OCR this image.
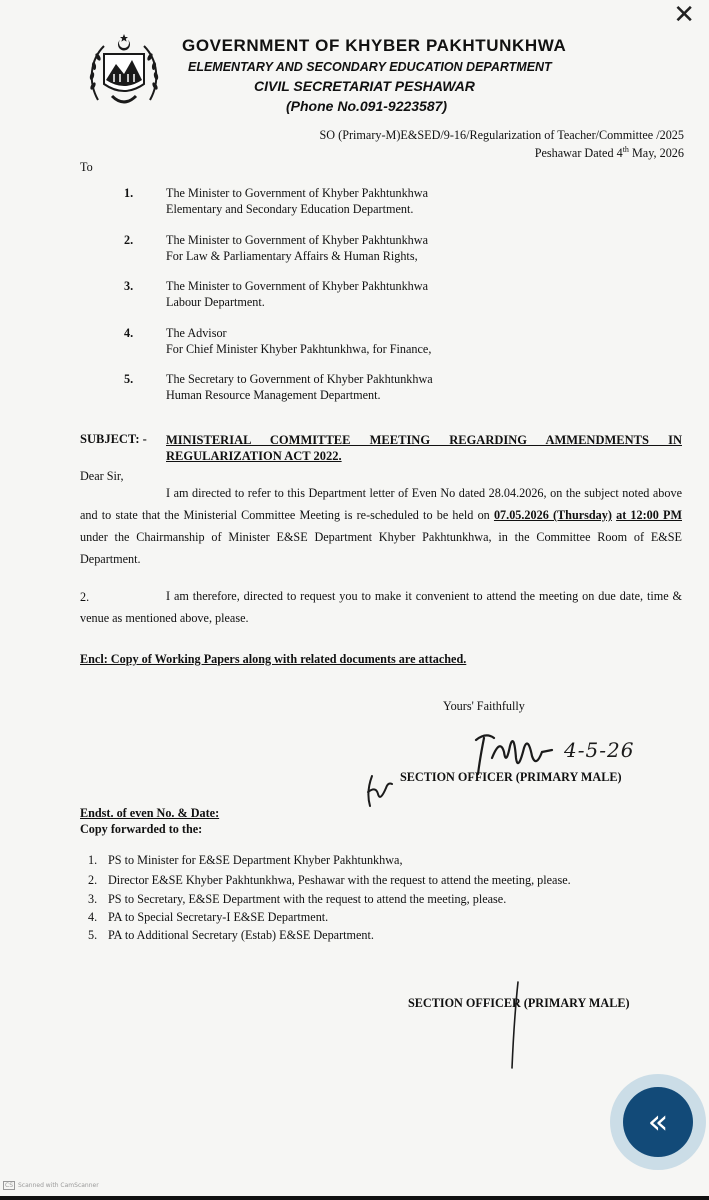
✕
GOVERNMENT OF KHYBER PAKHTUNKHWA
ELEMENTARY AND SECONDARY EDUCATION DEPARTMENT
CIVIL SECRETARIAT PESHAWAR
(Phone No.091-9223587)
SO (Primary-M)E&SED/9-16/Regularization of Teacher/Committee /2025
Peshawar Dated 4th May, 2026
To
1.	The Minister to Government of Khyber Pakhtunkhwa
Elementary and Secondary Education Department.
2.	The Minister to Government of Khyber Pakhtunkhwa
For Law & Parliamentary Affairs & Human Rights,
3.	The Minister to Government of Khyber Pakhtunkhwa
Labour Department.
4.	The Advisor
For Chief Minister Khyber Pakhtunkhwa, for Finance,
5.	The Secretary to Government of Khyber Pakhtunkhwa
Human Resource Management Department.
SUBJECT: - MINISTERIAL COMMITTEE MEETING REGARDING AMMENDMENTS IN REGULARIZATION ACT 2022.
Dear Sir,
I am directed to refer to this Department letter of Even No dated 28.04.2026, on the subject noted above and to state that the Ministerial Committee Meeting is re-scheduled to be held on 07.05.2026 (Thursday) at 12:00 PM under the Chairmanship of Minister E&SE Department Khyber Pakhtunkhwa, in the Committee Room of E&SE Department.
2.	I am therefore, directed to request you to make it convenient to attend the meeting on due date, time & venue as mentioned above, please.
Encl: Copy of Working Papers along with related documents are attached.
Yours' Faithfully
4-5-26
SECTION OFFICER (PRIMARY MALE)
Endst. of even No. & Date:
Copy forwarded to the:
1. PS to Minister for E&SE Department Khyber Pakhtunkhwa,
2. Director E&SE Khyber Pakhtunkhwa, Peshawar with the request to attend the meeting, please.
3. PS to Secretary, E&SE Department with the request to attend the meeting, please.
4. PA to Special Secretary-I E&SE Department.
5. PA to Additional Secretary (Estab) E&SE Department.
SECTION OFFICER (PRIMARY MALE)
CS Scanned with CamScanner
«
